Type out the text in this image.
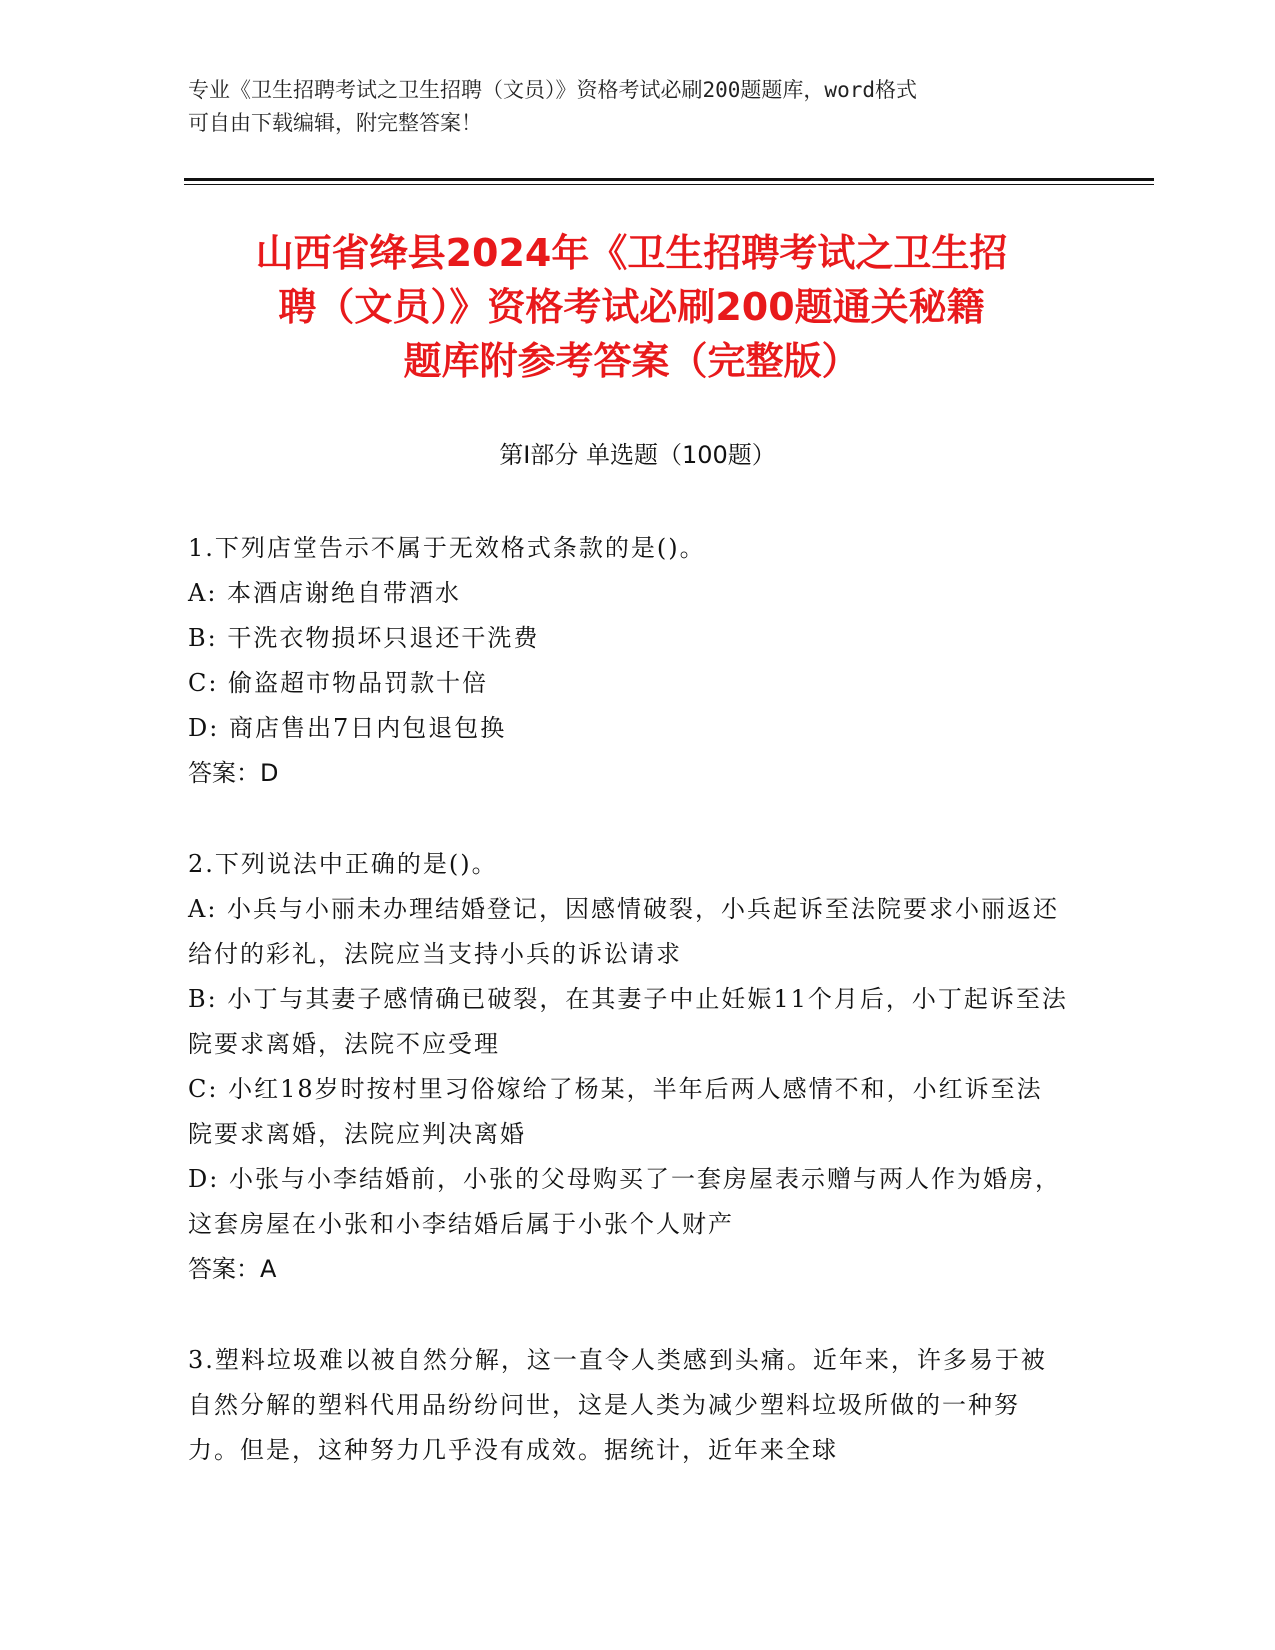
专业《卫生招聘考试之卫生招聘（文员）》资格考试必刷200题题库，word格式
可自由下载编辑，附完整答案！
山西省绛县2024年《卫生招聘考试之卫生招
聘（文员）》资格考试必刷200题通关秘籍
题库附参考答案（完整版）
第Ⅰ部分 单选题（100题）
1.下列店堂告示不属于无效格式条款的是()。
A: 本酒店谢绝自带酒水
B: 干洗衣物损坏只退还干洗费
C: 偷盗超市物品罚款十倍
D: 商店售出7日内包退包换
答案：D
2.下列说法中正确的是()。
A: 小兵与小丽未办理结婚登记，因感情破裂，小兵起诉至法院要求小丽返还给付的彩礼，法院应当支持小兵的诉讼请求
B: 小丁与其妻子感情确已破裂，在其妻子中止妊娠11个月后，小丁起诉至法院要求离婚，法院不应受理
C: 小红18岁时按村里习俗嫁给了杨某，半年后两人感情不和，小红诉至法院要求离婚，法院应判决离婚
D: 小张与小李结婚前，小张的父母购买了一套房屋表示赠与两人作为婚房，这套房屋在小张和小李结婚后属于小张个人财产
答案：A
3.塑料垃圾难以被自然分解，这一直令人类感到头痛。近年来，许多易于被自然分解的塑料代用品纷纷问世，这是人类为减少塑料垃圾所做的一种努力。但是，这种努力几乎没有成效。据统计，近年来全球
